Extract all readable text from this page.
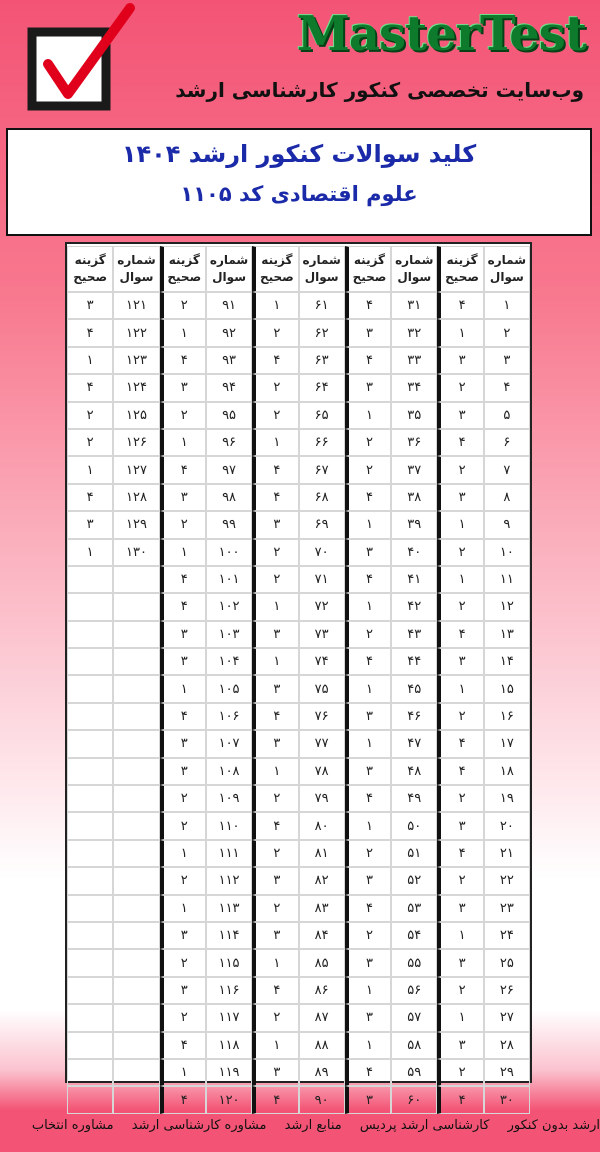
MasterTest

وب‌سایت تخصصی کنکور کارشناسی ارشد

کلید سوالات کنکور ارشد ۱۴۰۴

علوم اقتصادی کد ۱۱۰۵

شماره سوال	گزینه صحیح	شماره سوال	گزینه صحیح	شماره سوال	گزینه صحیح	شماره سوال	گزینه صحیح	شماره سوال	گزینه صحیح
۱	۴	۳۱	۴	۶۱	۱	۹۱	۲	۱۲۱	۳
۲	۱	۳۲	۳	۶۲	۲	۹۲	۱	۱۲۲	۴
۳	۳	۳۳	۴	۶۳	۴	۹۳	۴	۱۲۳	۱
۴	۲	۳۴	۳	۶۴	۲	۹۴	۳	۱۲۴	۴
۵	۳	۳۵	۱	۶۵	۲	۹۵	۲	۱۲۵	۲
۶	۴	۳۶	۲	۶۶	۱	۹۶	۱	۱۲۶	۲
۷	۲	۳۷	۲	۶۷	۴	۹۷	۴	۱۲۷	۱
۸	۳	۳۸	۴	۶۸	۴	۹۸	۳	۱۲۸	۴
۹	۱	۳۹	۱	۶۹	۳	۹۹	۲	۱۲۹	۳
۱۰	۲	۴۰	۳	۷۰	۲	۱۰۰	۱	۱۳۰	۱
۱۱	۱	۴۱	۴	۷۱	۲	۱۰۱	۴		
۱۲	۲	۴۲	۱	۷۲	۱	۱۰۲	۴		
۱۳	۴	۴۳	۲	۷۳	۳	۱۰۳	۳		
۱۴	۳	۴۴	۴	۷۴	۱	۱۰۴	۳		
۱۵	۱	۴۵	۱	۷۵	۳	۱۰۵	۱		
۱۶	۲	۴۶	۳	۷۶	۴	۱۰۶	۴		
۱۷	۴	۴۷	۱	۷۷	۳	۱۰۷	۳		
۱۸	۴	۴۸	۳	۷۸	۱	۱۰۸	۳		
۱۹	۲	۴۹	۴	۷۹	۲	۱۰۹	۲		
۲۰	۳	۵۰	۱	۸۰	۴	۱۱۰	۲		
۲۱	۴	۵۱	۲	۸۱	۲	۱۱۱	۱		
۲۲	۲	۵۲	۳	۸۲	۳	۱۱۲	۲		
۲۳	۳	۵۳	۴	۸۳	۲	۱۱۳	۱		
۲۴	۱	۵۴	۲	۸۴	۳	۱۱۴	۳		
۲۵	۳	۵۵	۳	۸۵	۱	۱۱۵	۲		
۲۶	۲	۵۶	۱	۸۶	۴	۱۱۶	۳		
۲۷	۱	۵۷	۳	۸۷	۲	۱۱۷	۲		
۲۸	۳	۵۸	۱	۸۸	۱	۱۱۸	۴		
۲۹	۲	۵۹	۴	۸۹	۳	۱۱۹	۱		
۳۰	۴	۶۰	۳	۹۰	۴	۱۲۰	۴		
ارشد بدون کنکور کارشناسی ارشد پردیس منابع ارشد مشاوره کارشناسی ارشد مشاوره انتخاب
